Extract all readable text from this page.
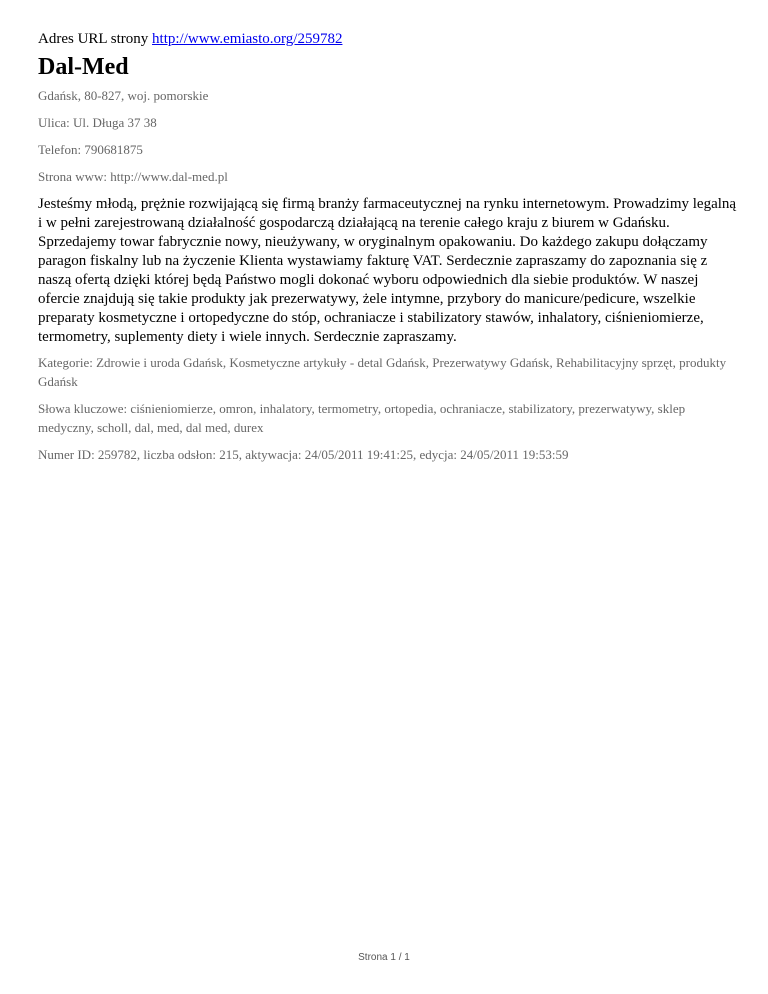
Adres URL strony http://www.emiasto.org/259782

Dal-Med

Gdańsk, 80-827, woj. pomorskie

Ulica: Ul. Długa 37 38

Telefon: 790681875

Strona www: http://www.dal-med.pl

Jesteśmy młodą, prężnie rozwijającą się firmą branży farmaceutycznej na rynku internetowym. Prowadzimy legalną i w pełni zarejestrowaną działalność gospodarczą działającą na terenie całego kraju z biurem w Gdańsku. Sprzedajemy towar fabrycznie nowy, nieużywany, w oryginalnym opakowaniu. Do każdego zakupu dołączamy paragon fiskalny lub na życzenie Klienta wystawiamy fakturę VAT. Serdecznie zapraszamy do zapoznania się z naszą ofertą dzięki której będą Państwo mogli dokonać wyboru odpowiednich dla siebie produktów. W naszej ofercie znajdują się takie produkty jak prezerwatywy, żele intymne, przybory do manicure/pedicure, wszelkie preparaty kosmetyczne i ortopedyczne do stóp, ochraniacze i stabilizatory stawów, inhalatory, ciśnieniomierze, termometry, suplementy diety i wiele innych. Serdecznie zapraszamy.

Kategorie: Zdrowie i uroda Gdańsk, Kosmetyczne artykuły - detal Gdańsk, Prezerwatywy Gdańsk, Rehabilitacyjny sprzęt, produkty Gdańsk

Słowa kluczowe: ciśnieniomierze, omron, inhalatory, termometry, ortopedia, ochraniacze, stabilizatory, prezerwatywy, sklep medyczny, scholl, dal, med, dal med, durex

Numer ID: 259782, liczba odsłon: 215, aktywacja: 24/05/2011 19:41:25, edycja: 24/05/2011 19:53:59

Strona 1 / 1
